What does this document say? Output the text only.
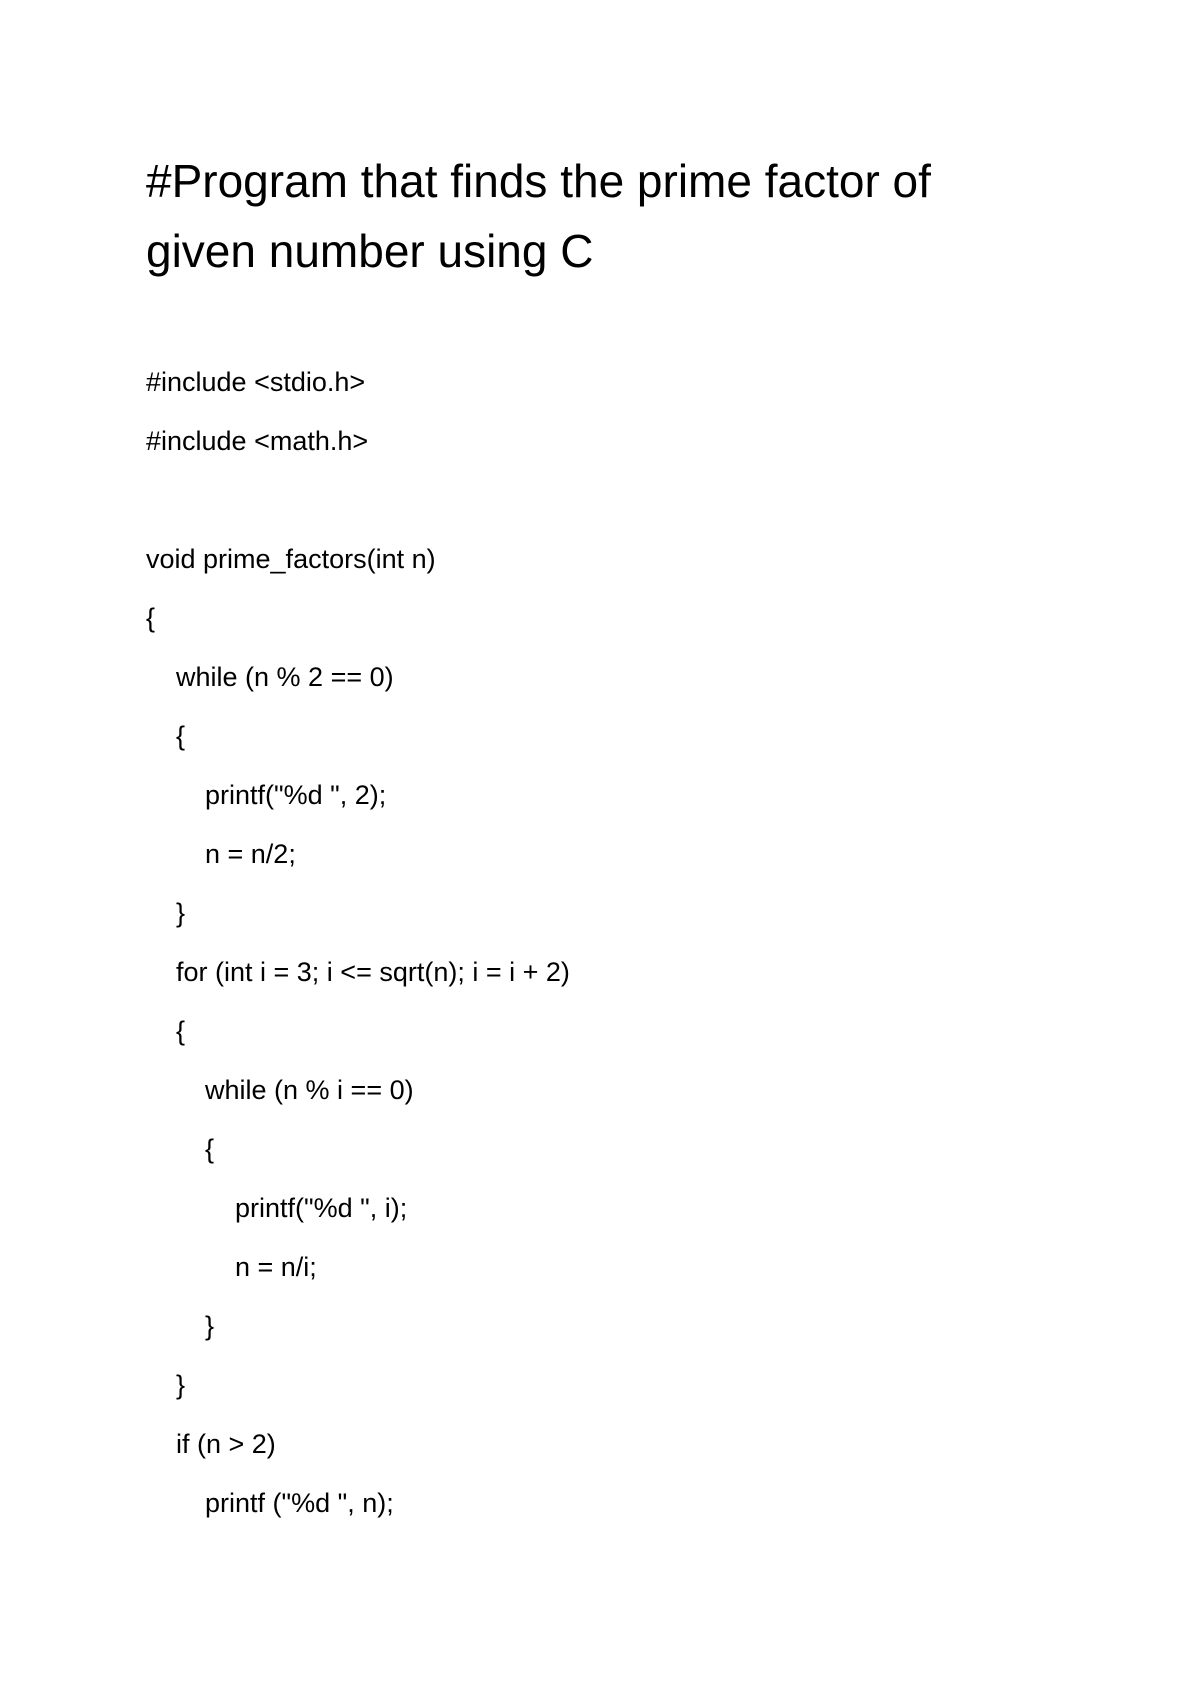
#Program that finds the prime factor of
given number using C
#include <stdio.h>
#include <math.h>
void prime_factors(int n)
{
while (n % 2 == 0)
{
printf("%d ", 2);
n = n/2;
}
for (int i = 3; i <= sqrt(n); i = i + 2)
{
while (n % i == 0)
{
printf("%d ", i);
n = n/i;
}
}
if (n > 2)
printf ("%d ", n);
